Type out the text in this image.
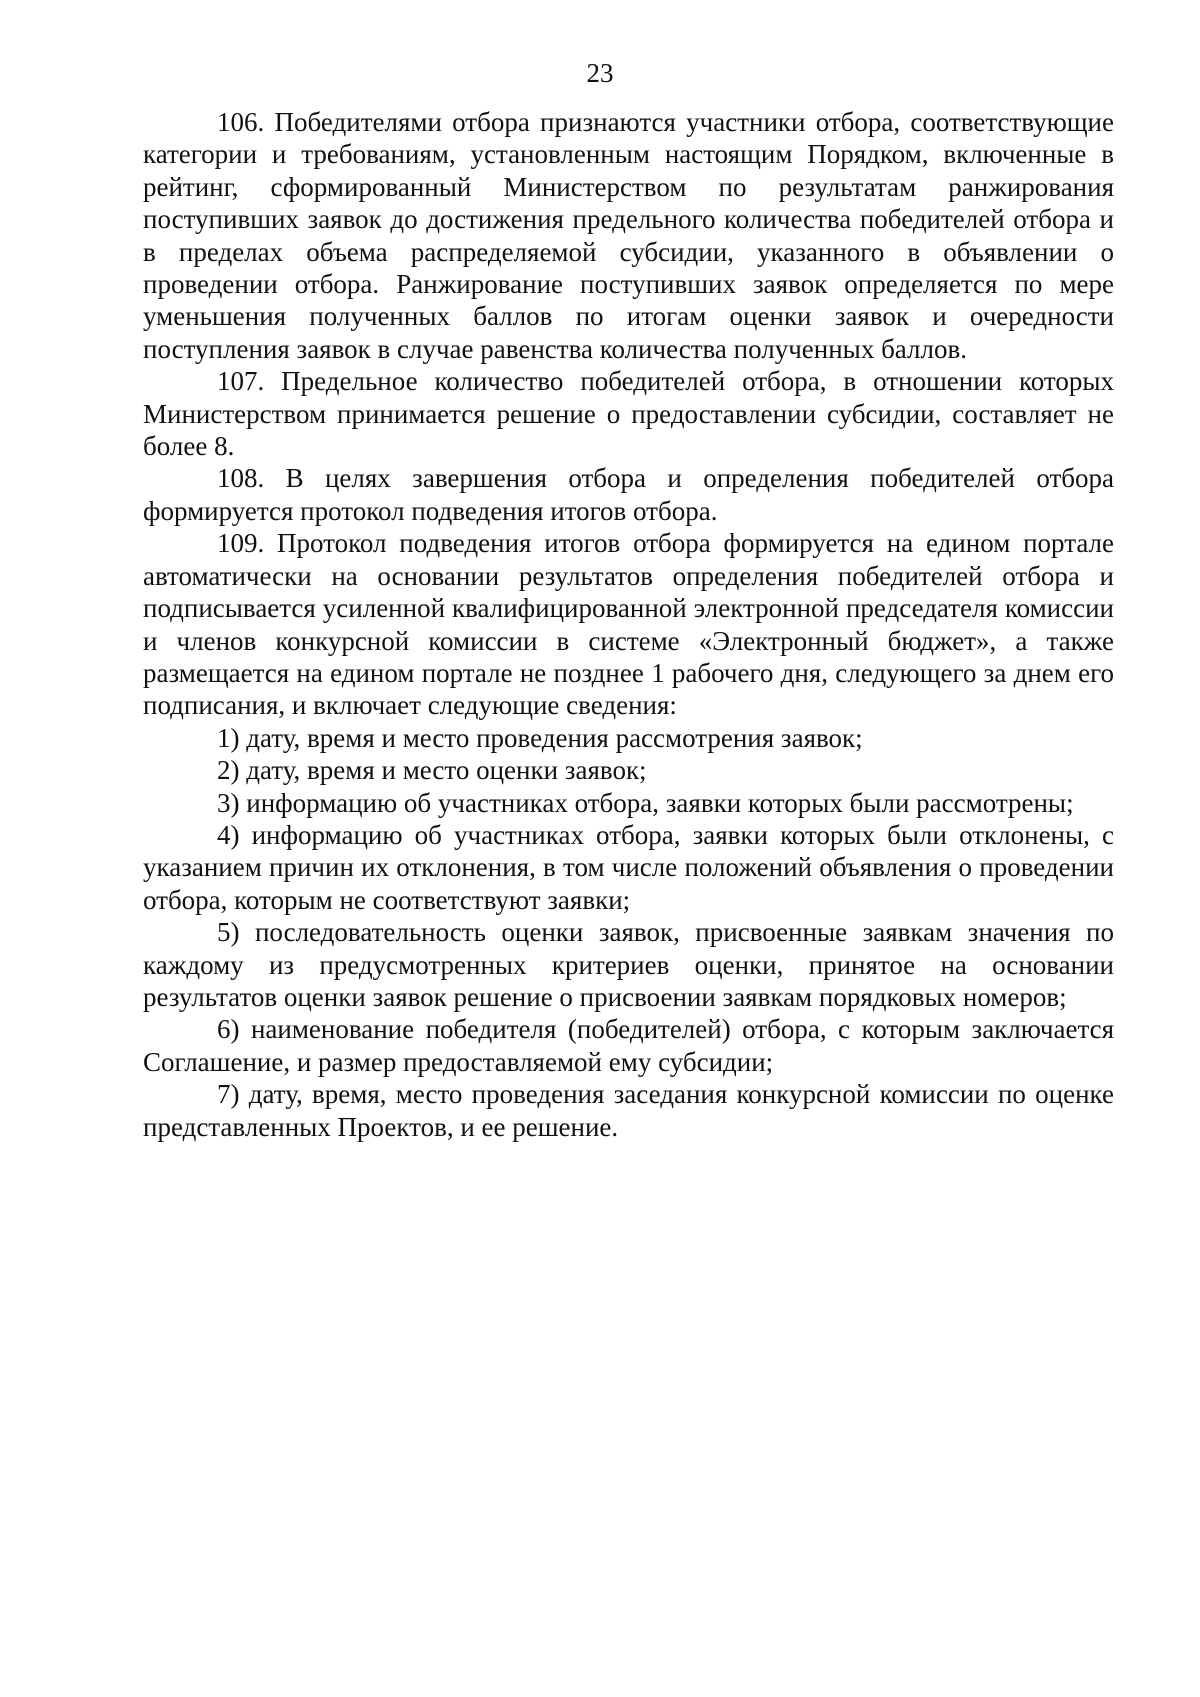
23

106. Победителями отбора признаются участники отбора, соответствующие категории и требованиям, установленным настоящим Порядком, включенные в рейтинг, сформированный Министерством по результатам ранжирования поступивших заявок до достижения предельного количества победителей отбора и в пределах объема распределяемой субсидии, указанного в объявлении о проведении отбора. Ранжирование поступивших заявок определяется по мере уменьшения полученных баллов по итогам оценки заявок и очередности поступления заявок в случае равенства количества полученных баллов.

107. Предельное количество победителей отбора, в отношении которых Министерством принимается решение о предоставлении субсидии, составляет не более 8.

108. В целях завершения отбора и определения победителей отбора формируется протокол подведения итогов отбора.

109. Протокол подведения итогов отбора формируется на едином портале автоматически на основании результатов определения победителей отбора и подписывается усиленной квалифицированной электронной председателя комиссии и членов конкурсной комиссии в системе «Электронный бюджет», а также размещается на едином портале не позднее 1 рабочего дня, следующего за днем его подписания, и включает следующие сведения:

1) дату, время и место проведения рассмотрения заявок;

2) дату, время и место оценки заявок;

3) информацию об участниках отбора, заявки которых были рассмотрены;

4) информацию об участниках отбора, заявки которых были отклонены, с указанием причин их отклонения, в том числе положений объявления о проведении отбора, которым не соответствуют заявки;

5) последовательность оценки заявок, присвоенные заявкам значения по каждому из предусмотренных критериев оценки, принятое на основании результатов оценки заявок решение о присвоении заявкам порядковых номеров;

6) наименование победителя (победителей) отбора, с которым заключается Соглашение, и размер предоставляемой ему субсидии;

7) дату, время, место проведения заседания конкурсной комиссии по оценке представленных Проектов, и ее решение.
